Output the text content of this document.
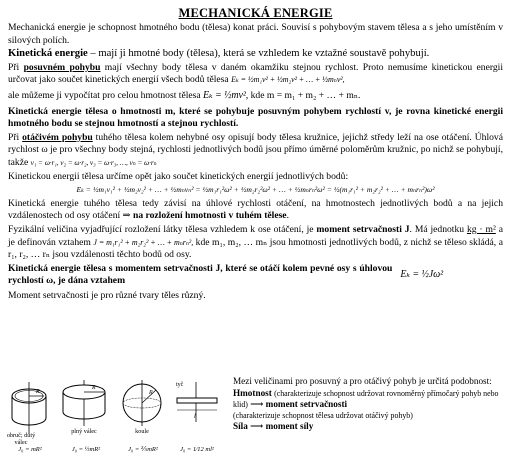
MECHANICKÁ ENERGIE

Mechanická energie je schopnost hmotného bodu (tělesa) konat práci. Souvisí s pohybovým stavem tělesa a s jeho umístěním v silových polích.

Kinetická energie – mají ji hmotné body (tělesa), která se vzhledem ke vztažné soustavě pohybují.

Při posuvném pohybu mají všechny body tělesa v daném okamžiku stejnou rychlost. Proto nemusíme kinetickou energii určovat jako součet kinetických energií všech bodů tělesa Eₖ = ½m₁v² + ½m₂v² + … + ½mₙv²,

ale můžeme ji vypočítat pro celou hmotnost tělesa Eₖ = ½mv², kde m = m₁ + m₂ + … + mₙ.

Kinetická energie tělesa o hmotnosti m, které se pohybuje posuvným pohybem rychlostí v, je rovna kinetické energii hmotného bodu se stejnou hmotností a stejnou rychlostí.

Při otáčivém pohybu tuhého tělesa kolem nehybné osy opisují body tělesa kružnice, jejichž středy leží na ose otáčení. Úhlová rychlost ω je pro všechny body stejná, rychlosti jednotlivých bodů jsou přímo úměrné poloměrům kružnic, po nichž se pohybují, takže v₁ = ω·r₁, v₂ = ω·r₂, v₃ = ω·r₃, …, vₙ = ω·rₙ

Kinetickou energii tělesa určíme opět jako součet kinetických energií jednotlivých bodů:

Eₖ = ½m₁v₁² + ½m₂v₂² + … + ½mₙvₙ² = ½m₁r₁²ω² + ½m₂r₂²ω² + … + ½mₙrₙ²ω² = ½(m₁r₁² + m₂r₂² + … + mₙrₙ²)ω²

Kinetická energie tuhého tělesa tedy závisí na úhlové rychlosti otáčení, na hmotnostech jednotlivých bodů a na jejich vzdálenostech od osy otáčení ⇒ na rozložení hmotnosti v tuhém tělese.

Fyzikální veličina vyjadřující rozložení látky tělesa vzhledem k ose otáčení, je moment setrvačnosti J. Má jednotku kg · m² a je definován vztahem J = m₁r₁² + m₂r₂² + … + mₙrₙ², kde m₁, m₂, … mₙ jsou hmotnosti jednotlivých bodů, z nichž se těleso skládá, a r₁, r₂, … rₙ jsou vzdálenosti těchto bodů od osy.

Kinetická energie tělesa s momentem setrvačnosti J, které se otáčí kolem pevné osy s úhlovou rychlostí ω, je dána vztahem
Eₖ = ½Jω²

Moment setrvačnosti je pro různé tvary těles různý.

R
obruč; dutý válec
R
plný válec
R
koule
tyč
l
J₀ = mR²	J₀ = ½mR²	J₀ = ⅖mR²	J₀ = 1⁄12 ml²
Mezi veličinami pro posuvný a pro otáčivý pohyb je určitá podobnost:
Hmotnost (charakterizuje schopnost udržovat rovnoměrný přímočarý pohyb nebo klid) ⟶ moment setrvačnosti
(charakterizuje schopnost tělesa udržovat otáčivý pohyb)
Síla ⟶ moment síly
